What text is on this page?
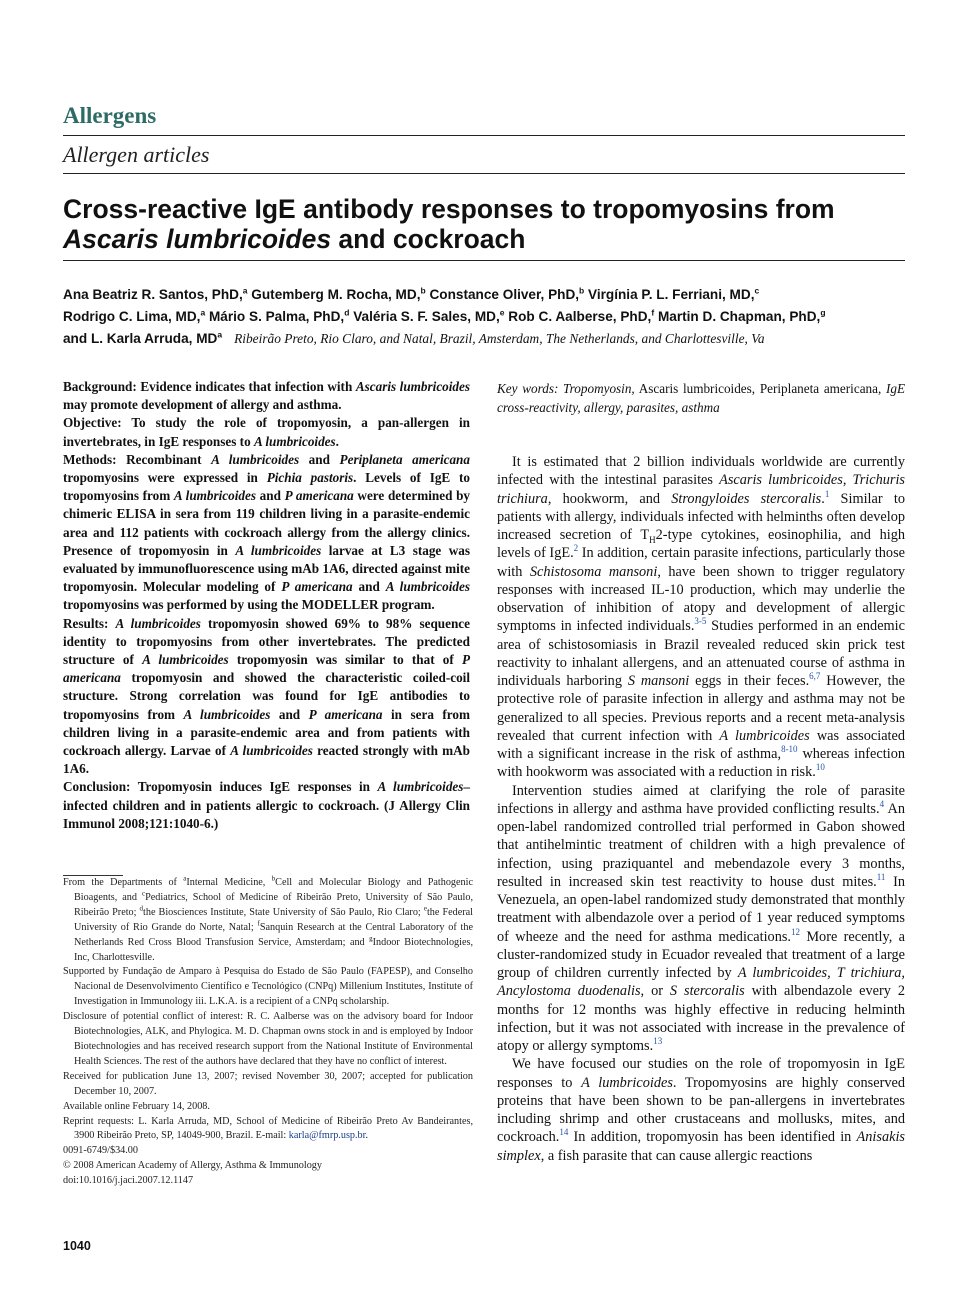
Allergens
Allergen articles
Cross-reactive IgE antibody responses to tropomyosins from Ascaris lumbricoides and cockroach
Ana Beatriz R. Santos, PhD,$^a$ Gutemberg M. Rocha, MD,$^b$ Constance Oliver, PhD,$^b$ Virgínia P. L. Ferriani, MD,$^c$
Rodrigo C. Lima, MD,$^a$ Mário S. Palma, PhD,$^d$ Valéria S. F. Sales, MD,$^e$ Rob C. Aalberse, PhD,$^f$ Martin D. Chapman, PhD,$^g$
and L. Karla Arruda, $MD^a$ Ribeirão Preto, Rio Claro, and Natal, Brazil, Amsterdam, The Netherlands, and Charlottesville, Va

Background: Evidence indicates that infection with Ascaris lumbricoides may promote development of allergy and asthma.

Objective: To study the role of tropomyosin, a pan-allergen in invertebrates, in IgE responses to A lumbricoides.

Methods: Recombinant A lumbricoides and Periplaneta americana tropomyosins were expressed in Pichia pastoris. Levels of IgE to tropomyosins from A lumbricoides and P americana were determined by chimeric ELISA in sera from 119 children living in a parasite-endemic area and 112 patients with cockroach allergy from the allergy clinics. Presence of tropomyosin in A lumbricoides larvae at L3 stage was evaluated by immunofluorescence using mAb 1A6, directed against mite tropomyosin. Molecular modeling of P americana and A lumbricoides tropomyosins was performed by using the MODELLER program.

Results: A lumbricoides tropomyosin showed 69% to 98% sequence identity to tropomyosins from other invertebrates. The predicted structure of A lumbricoides tropomyosin was similar to that of P americana tropomyosin and showed the characteristic coiled-coil structure. Strong correlation was found for IgE antibodies to tropomyosins from A lumbricoides and P americana in sera from children living in a parasite-endemic area and from patients with cockroach allergy. Larvae of A lumbricoides reacted strongly with mAb 1A6.

Conclusion: Tropomyosin induces IgE responses in A lumbricoides–infected children and in patients allergic to cockroach. (J Allergy Clin Immunol 2008;121:1040-6.)

From the Departments of $^a$Internal Medicine, $^b$Cell and Molecular Biology and Pathogenic Bioagents, and $^c$Pediatrics, School of Medicine of Ribeirão Preto, University of São Paulo, Ribeirão Preto; $^d$the Biosciences Institute, State University of São Paulo, Rio Claro; $^e$the Federal University of Rio Grande do Norte, Natal; $^f$Sanquin Research at the Central Laboratory of the Netherlands Red Cross Blood Transfusion Service, Amsterdam; and $^g$Indoor Biotechnologies, Inc, Charlottesville.

Supported by Fundação de Amparo à Pesquisa do Estado de São Paulo (FAPESP), and Conselho Nacional de Desenvolvimento Científico e Tecnológico (CNPq) Millenium Institutes, Institute of Investigation in Immunology iii. L.K.A. is a recipient of a CNPq scholarship.

Disclosure of potential conflict of interest: R. C. Aalberse was on the advisory board for Indoor Biotechnologies, ALK, and Phylogica. M. D. Chapman owns stock in and is employed by Indoor Biotechnologies and has received research support from the National Institute of Environmental Health Sciences. The rest of the authors have declared that they have no conflict of interest.

Received for publication June 13, 2007; revised November 30, 2007; accepted for publication December 10, 2007.

Available online February 14, 2008.

Reprint requests: L. Karla Arruda, MD, School of Medicine of Ribeirão Preto Av Bandeirantes, 3900 Ribeirão Preto, SP, 14049-900, Brazil. E-mail: karla@fmrp.usp.br.

0091-6749/$34.00

© 2008 American Academy of Allergy, Asthma & Immunology

doi:10.1016/j.jaci.2007.12.1147

Key words: Tropomyosin, Ascaris lumbricoides, Periplaneta americana, IgE cross-reactivity, allergy, parasites, asthma

It is estimated that 2 billion individuals worldwide are currently infected with the intestinal parasites Ascaris lumbricoides, Trichuris trichiura, hookworm, and Strongyloides stercoralis.$^1$ Similar to patients with allergy, individuals infected with helminths often develop increased secretion of $T_H2$-type cytokines, eosinophilia, and high levels of IgE.$^2$ In addition, certain parasite infections, particularly those with Schistosoma mansoni, have been shown to trigger regulatory responses with increased IL-10 production, which may underlie the observation of inhibition of atopy and development of allergic symptoms in infected individuals.$^{3-5}$ Studies performed in an endemic area of schistosomiasis in Brazil revealed reduced skin prick test reactivity to inhalant allergens, and an attenuated course of asthma in individuals harboring S mansoni eggs in their feces.$^{6,7}$ However, the protective role of parasite infection in allergy and asthma may not be generalized to all species. Previous reports and a recent meta-analysis revealed that current infection with A lumbricoides was associated with a significant increase in the risk of asthma,$^{8-10}$ whereas infection with hookworm was associated with a reduction in risk.$^{10}$

Intervention studies aimed at clarifying the role of parasite infections in allergy and asthma have provided conflicting results.$^4$ An open-label randomized controlled trial performed in Gabon showed that antihelmintic treatment of children with a high prevalence of infection, using praziquantel and mebendazole every 3 months, resulted in increased skin test reactivity to house dust mites.$^{11}$ In Venezuela, an open-label randomized study demonstrated that monthly treatment with albendazole over a period of 1 year reduced symptoms of wheeze and the need for asthma medications.$^{12}$ More recently, a cluster-randomized study in Ecuador revealed that treatment of a large group of children currently infected by A lumbricoides, T trichiura, Ancylostoma duodenalis, or S stercoralis with albendazole every 2 months for 12 months was highly effective in reducing helminth infection, but it was not associated with increase in the prevalence of atopy or allergy symptoms.$^{13}$

We have focused our studies on the role of tropomyosin in IgE responses to A lumbricoides. Tropomyosins are highly conserved proteins that have been shown to be pan-allergens in invertebrates including shrimp and other crustaceans and mollusks, mites, and cockroach.$^{14}$ In addition, tropomyosin has been identified in Anisakis simplex, a fish parasite that can cause allergic reactions

1040
